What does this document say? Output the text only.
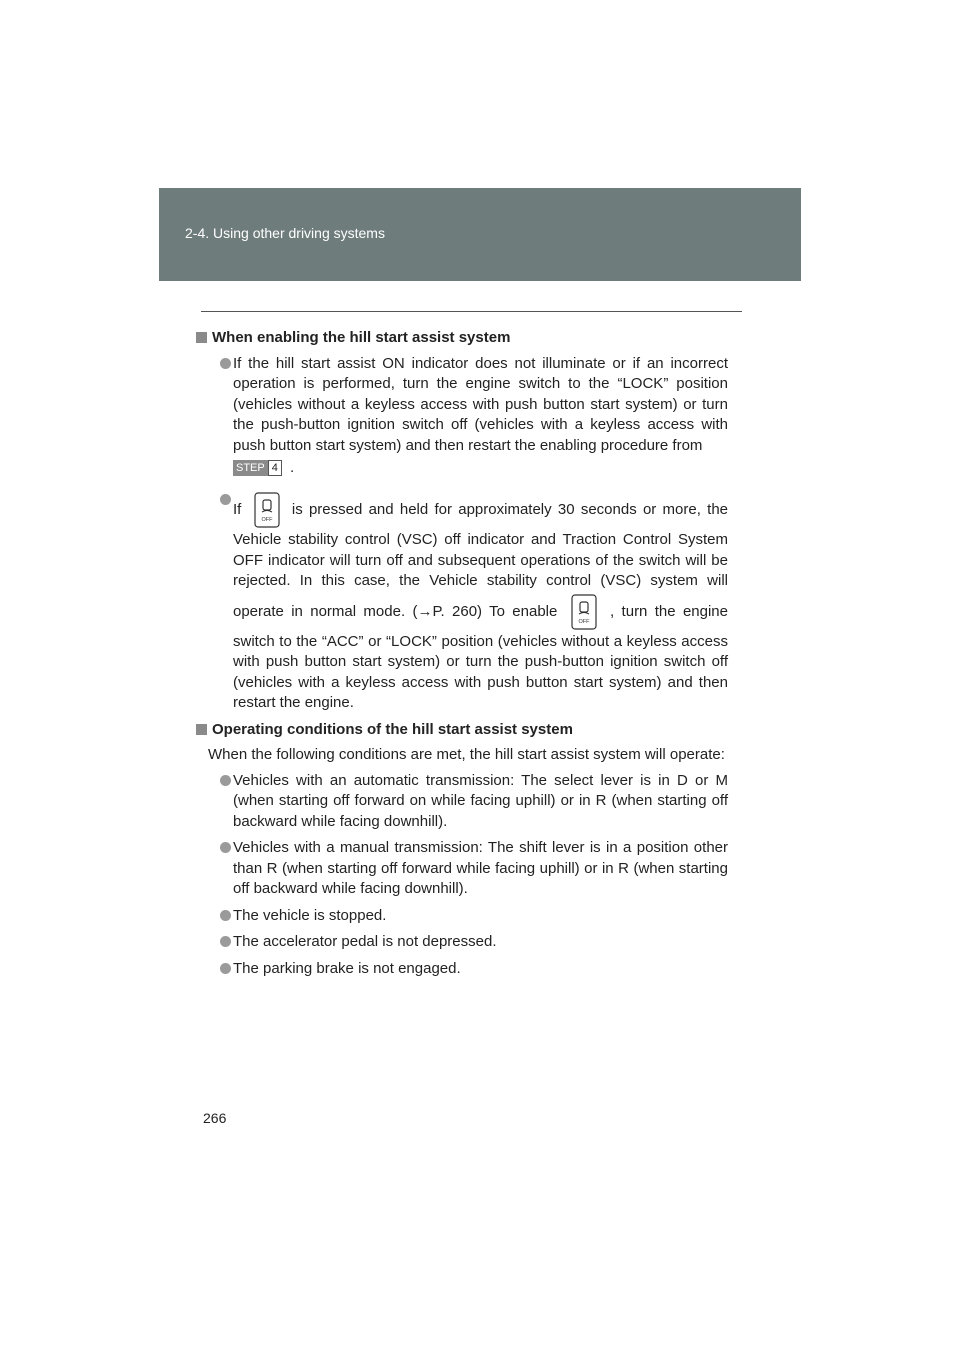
2-4. Using other driving systems
When enabling the hill start assist system
If the hill start assist ON indicator does not illuminate or if an incorrect operation is performed, turn the engine switch to the “LOCK” position (vehicles without a keyless access with push button start system) or turn the push-button ignition switch off (vehicles with a keyless access with push button start system) and then restart the enabling procedure from

STEP 4 .
If
OFF
is pressed and held for approximately 30 seconds or more, the Vehicle stability control (VSC) off indicator and Traction Control System OFF indicator will turn off and subsequent operations of the switch will be rejected. In this case, the Vehicle stability control (VSC) system will operate in normal mode. (→P. 260) To enable
OFF
, turn the engine switch to the “ACC” or “LOCK” position (vehicles without a keyless access with push button start system) or turn the push-button ignition switch off (vehicles with a keyless access with push button start system) and then restart the engine.
Operating conditions of the hill start assist system
When the following conditions are met, the hill start assist system will operate:
Vehicles with an automatic transmission: The select lever is in D or M (when starting off forward on while facing uphill) or in R (when starting off backward while facing downhill).
Vehicles with a manual transmission: The shift lever is in a position other than R (when starting off forward while facing uphill) or in R (when starting off backward while facing downhill).
The vehicle is stopped.
The accelerator pedal is not depressed.
The parking brake is not engaged.
266
